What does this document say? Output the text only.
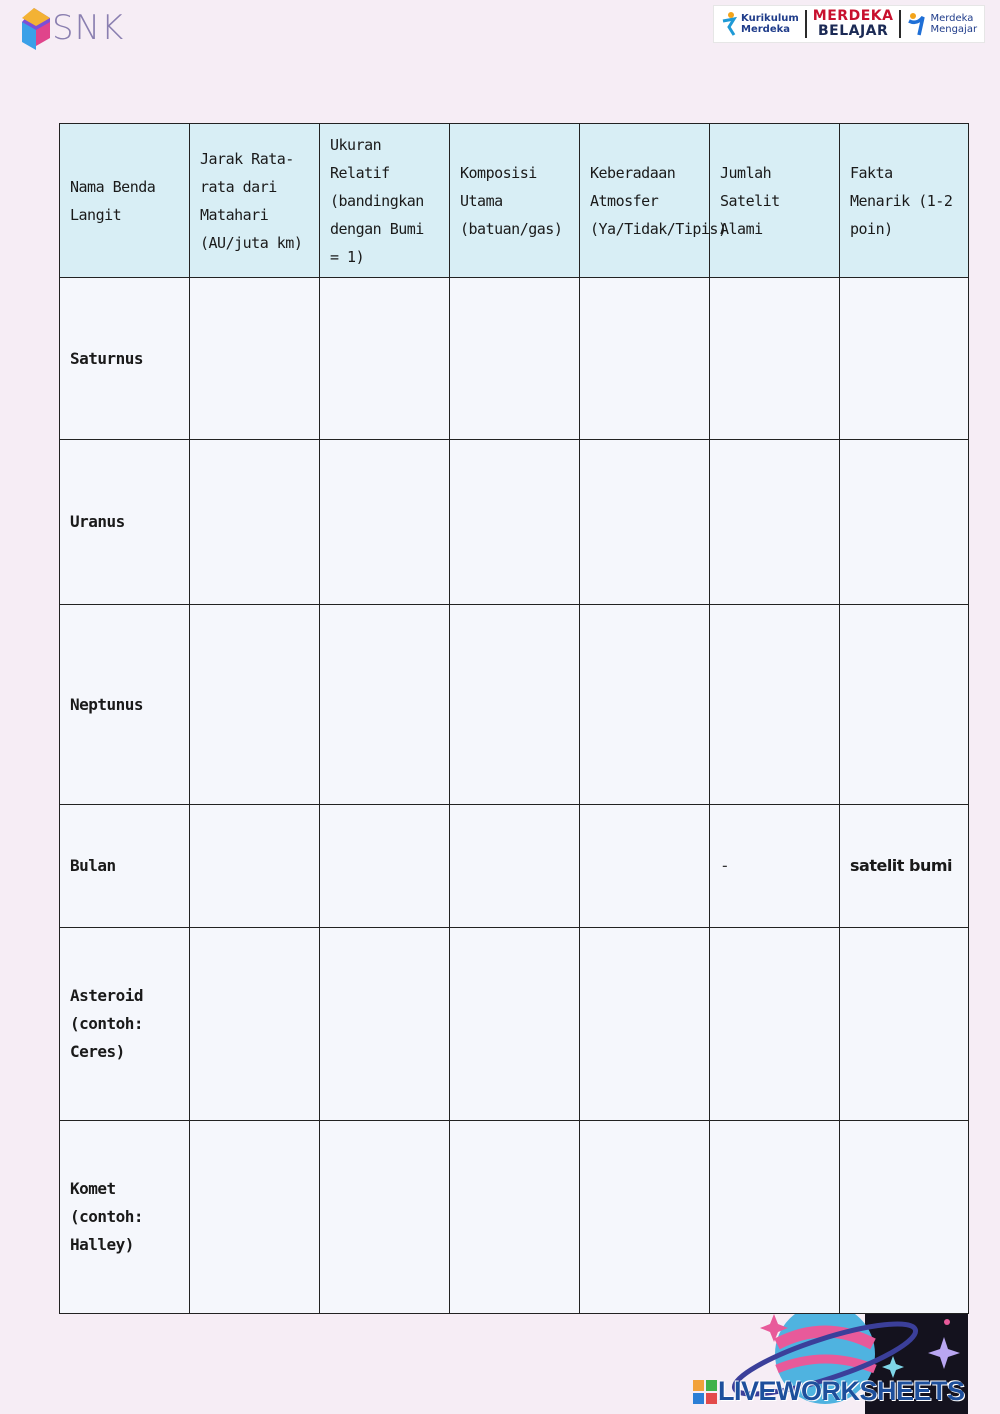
SNK	Kurikulum
Merdeka
MERDEKA
BELAJAR
Merdeka
Mengajar
Nama Benda Langit	Jarak Rata-rata dari Matahari (AU/juta km)	Ukuran Relatif (bandingkan dengan Bumi = 1)	Komposisi Utama (batuan/gas)	Keberadaan Atmosfer (Ya/Tidak/Tipis)	Jumlah Satelit Alami	Fakta Menarik (1-2 poin)
Saturnus						
Uranus						
Neptunus						
Bulan					-	satelit bumi
Asteroid (contoh: Ceres)						
Komet (contoh: Halley)						
LIVEWORKSHEETS
